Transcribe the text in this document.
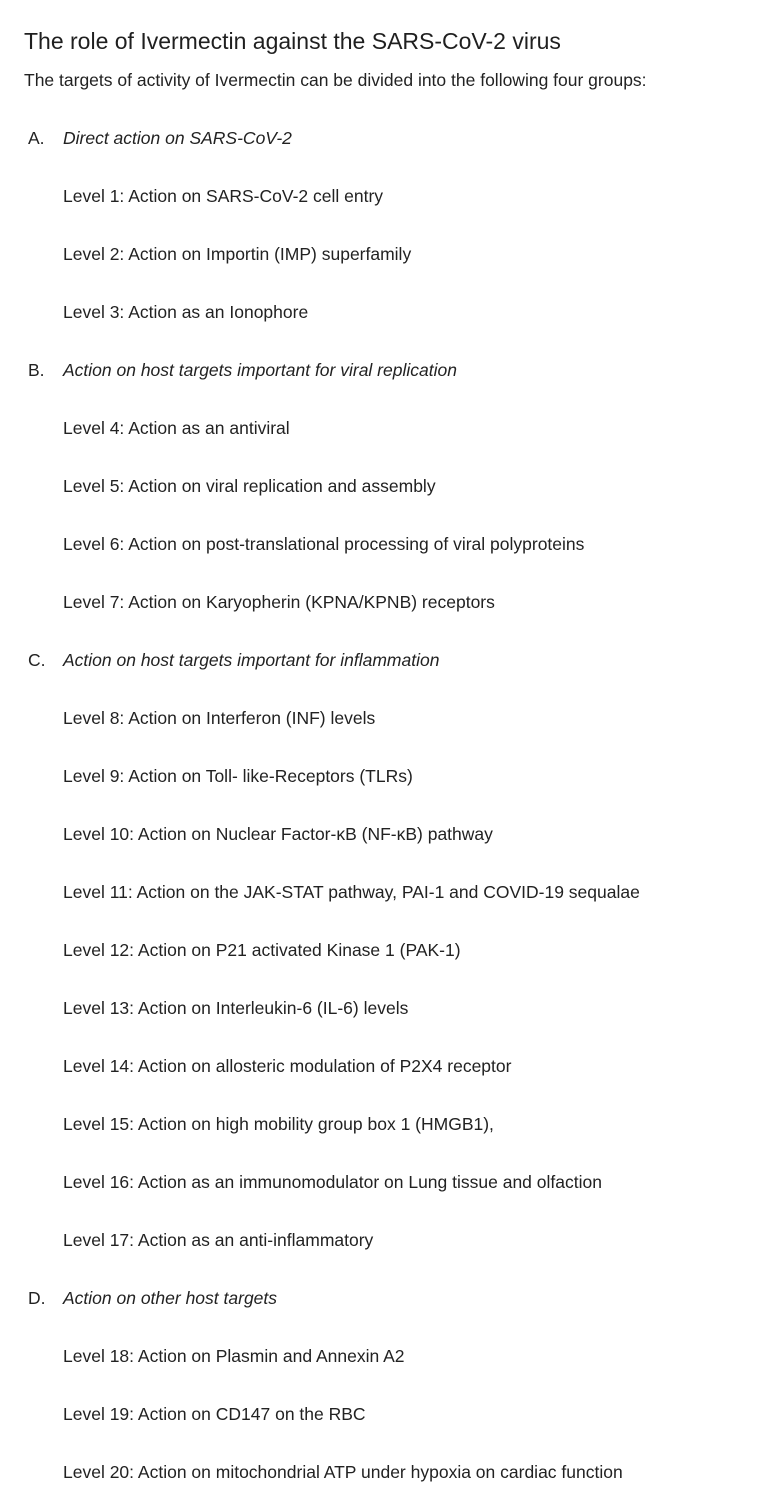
The role of Ivermectin against the SARS-CoV-2 virus

The targets of activity of Ivermectin can be divided into the following four groups:

A. Direct action on SARS-CoV-2
Level 1: Action on SARS-CoV-2 cell entry
Level 2: Action on Importin (IMP) superfamily
Level 3: Action as an Ionophore
B. Action on host targets important for viral replication
Level 4: Action as an antiviral
Level 5: Action on viral replication and assembly
Level 6: Action on post-translational processing of viral polyproteins
Level 7: Action on Karyopherin (KPNA/KPNB) receptors
C. Action on host targets important for inflammation
Level 8: Action on Interferon (INF) levels
Level 9: Action on Toll- like-Receptors (TLRs)
Level 10: Action on Nuclear Factor-κB (NF-κB) pathway
Level 11: Action on the JAK-STAT pathway, PAI-1 and COVID-19 sequalae
Level 12: Action on P21 activated Kinase 1 (PAK-1)
Level 13: Action on Interleukin-6 (IL-6) levels
Level 14: Action on allosteric modulation of P2X4 receptor
Level 15: Action on high mobility group box 1 (HMGB1),
Level 16: Action as an immunomodulator on Lung tissue and olfaction
Level 17: Action as an anti-inflammatory
D. Action on other host targets
Level 18: Action on Plasmin and Annexin A2
Level 19: Action on CD147 on the RBC
Level 20: Action on mitochondrial ATP under hypoxia on cardiac function
